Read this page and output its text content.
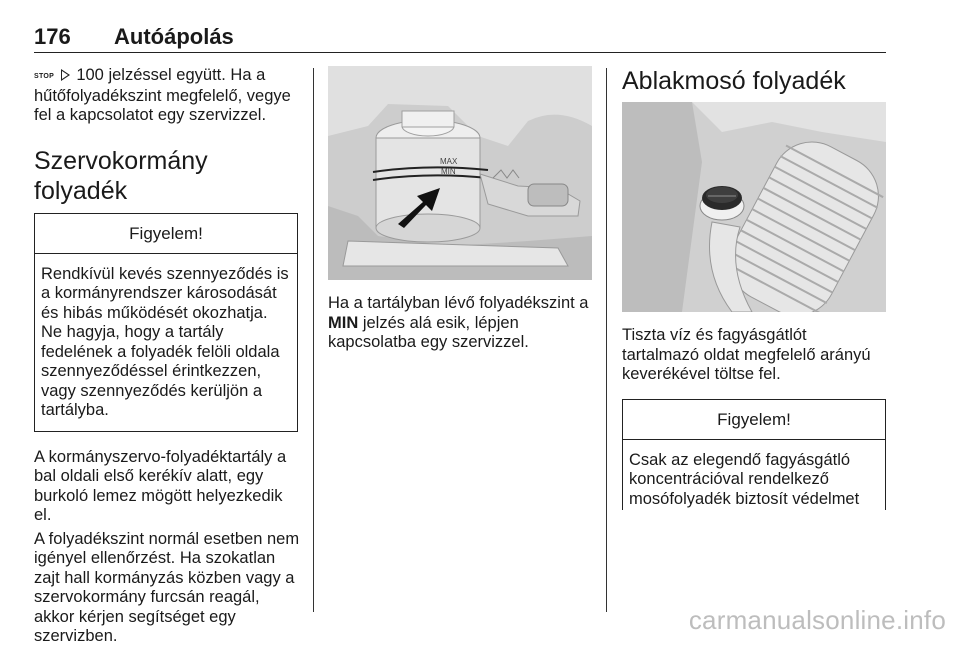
176 Autóápolás

STOP 100 jelzéssel együtt. Ha a hűtőfolyadékszint megfelelő, vegye fel a kapcsolatot egy szervizzel.

Szervokormány folyadék
Figyelem!

Rendkívül kevés szennyeződés is a kormányrendszer károsodását és hibás működését okozhatja. Ne hagyja, hogy a tartály fedelének a folyadék felöli oldala szennyeződéssel érintkezzen, vagy szennyeződés kerüljön a tartályba.

A kormányszervo-folyadéktartály a bal oldali első kerékív alatt, egy burkoló lemez mögött helyezkedik el.

A folyadékszint normál esetben nem igényel ellenőrzést. Ha szokatlan zajt hall kormányzás közben vagy a szervokormány furcsán reagál, akkor kérjen segítséget egy szervizben.

MAX
MIN

Ha a tartályban lévő folyadékszint a MIN jelzés alá esik, lépjen kapcsolatba egy szervizzel.

Ablakmosó folyadék

Tiszta víz és fagyásgátlót tartalmazó oldat megfelelő arányú keverékével töltse fel.

Figyelem!

Csak az elegendő fagyásgátló koncentrációval rendelkező mosófolyadék biztosít védelmet

carmanualsonline.info
